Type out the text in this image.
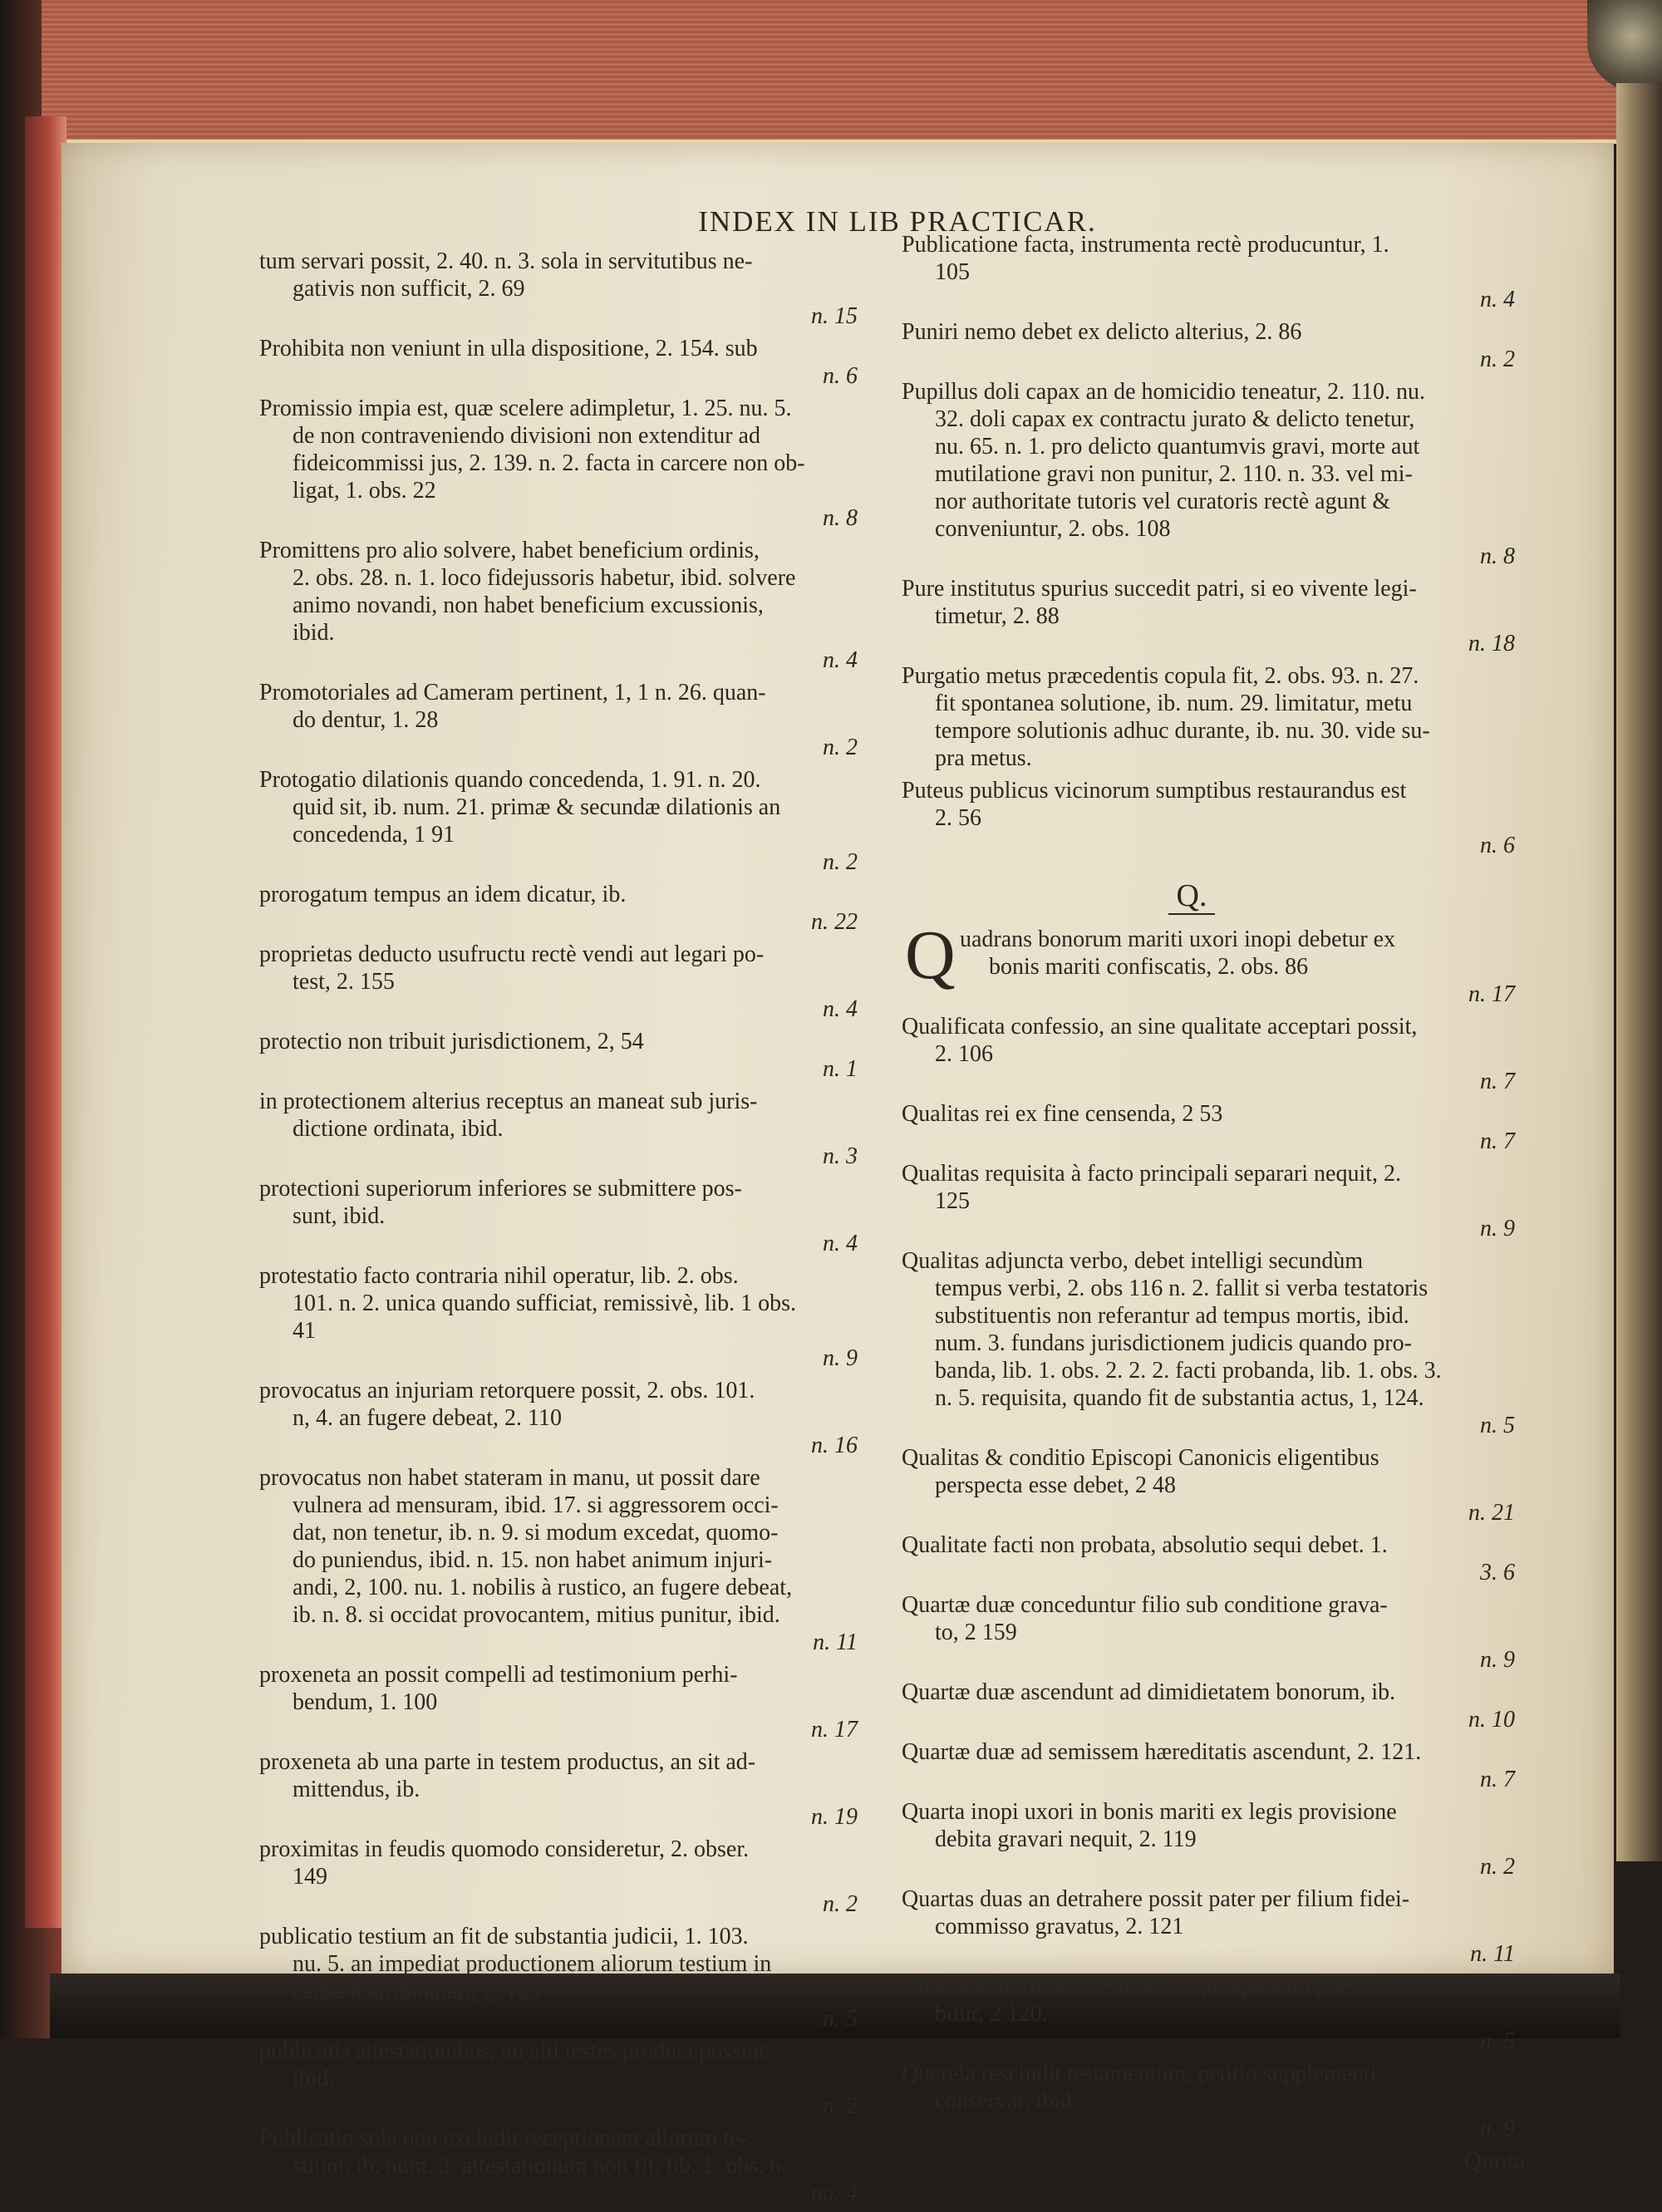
INDEX IN LIB PRACTICAR.
tum servari possit, 2. 40. n. 3. sola in servitutibus ne-
gativis non sufficit, 2. 69
n. 15
Prohibita non veniunt in ulla dispositione, 2. 154. sub
n. 6
Promissio impia est, quæ scelere adimpletur, 1. 25. nu. 5.
de non contraveniendo divisioni non extenditur ad
fideicommissi jus, 2. 139. n. 2. facta in carcere non ob-
ligat, 1. obs. 22
n. 8
Promittens pro alio solvere, habet beneficium ordinis,
2. obs. 28. n. 1. loco fidejussoris habetur, ibid. solvere
animo novandi, non habet beneficium excussionis,
ibid.
n. 4
Promotoriales ad Cameram pertinent, 1, 1 n. 26. quan-
do dentur, 1. 28
n. 2
Protogatio dilationis quando concedenda, 1. 91. n. 20.
quid sit, ib. num. 21. primæ & secundæ dilationis an
concedenda, 1 91
n. 2
prorogatum tempus an idem dicatur, ib.
n. 22
proprietas deducto usufructu rectè vendi aut legari po-
test, 2. 155
n. 4
protectio non tribuit jurisdictionem, 2, 54
n. 1
in protectionem alterius receptus an maneat sub juris-
dictione ordinata, ibid.
n. 3
protectioni superiorum inferiores se submittere pos-
sunt, ibid.
n. 4
protestatio facto contraria nihil operatur, lib. 2. obs.
101. n. 2. unica quando sufficiat, remissivè, lib. 1 obs.
41
n. 9
provocatus an injuriam retorquere possit, 2. obs. 101.
n, 4. an fugere debeat, 2. 110
n. 16
provocatus non habet stateram in manu, ut possit dare
vulnera ad mensuram, ibid. 17. si aggressorem occi-
dat, non tenetur, ib. n. 9. si modum excedat, quomo-
do puniendus, ibid. n. 15. non habet animum injuri-
andi, 2, 100. nu. 1. nobilis à rustico, an fugere debeat,
ib. n. 8. si occidat provocantem, mitius punitur, ibid.
n. 11
proxeneta an possit compelli ad testimonium perhi-
bendum, 1. 100
n. 17
proxeneta ab una parte in testem productus, an sit ad-
mittendus, ib.
n. 19
proximitas in feudis quomodo consideretur, 2. obser.
149
n. 2
publicatio testium an fit de substantia judicii, 1. 103.
nu. 5. an impediat productionem aliorum testium in
causa matrimoniali, 1, 105
n. 5
publicatis attestationibus, an alii testes produci possint
ibid.
n. 2
Publicatio sola non excludit receptionem aliorum te-
stium, ib. num. 3. attestationum non fit, lib. 1. obs. 6.
nu. 4
Publicatione facta, instrumenta rectè producuntur, 1.
105
n. 4
Puniri nemo debet ex delicto alterius, 2. 86
n. 2
Pupillus doli capax an de homicidio teneatur, 2. 110. nu.
32. doli capax ex contractu jurato & delicto tenetur,
nu. 65. n. 1. pro delicto quantumvis gravi, morte aut
mutilatione gravi non punitur, 2. 110. n. 33. vel mi-
nor authoritate tutoris vel curatoris rectè agunt &
conveniuntur, 2. obs. 108
n. 8
Pure institutus spurius succedit patri, si eo vivente legi-
timetur, 2. 88
n. 18
Purgatio metus præcedentis copula fit, 2. obs. 93. n. 27.
fit spontanea solutione, ib. num. 29. limitatur, metu
tempore solutionis adhuc durante, ib. nu. 30. vide su-
pra metus.
Puteus publicus vicinorum sumptibus restaurandus est
2. 56
n. 6
Q.
Q uadrans bonorum mariti uxori inopi debetur ex
bonis mariti confiscatis, 2. obs. 86
n. 17
Qualificata confessio, an sine qualitate acceptari possit,
2. 106
n. 7
Qualitas rei ex fine censenda, 2 53
n. 7
Qualitas requisita à facto principali separari nequit, 2.
125
n. 9
Qualitas adjuncta verbo, debet intelligi secundùm
tempus verbi, 2. obs 116 n. 2. fallit si verba testatoris
substituentis non referantur ad tempus mortis, ibid.
num. 3. fundans jurisdictionem judicis quando pro-
banda, lib. 1. obs. 2. 2. 2. facti probanda, lib. 1. obs. 3.
n. 5. requisita, quando fit de substantia actus, 1, 124.
n. 5
Qualitas & conditio Episcopi Canonicis eligentibus
perspecta esse debet, 2 48
n. 21
Qualitate facti non probata, absolutio sequi debet. 1.
3. 6
Quartæ duæ conceduntur filio sub conditione grava-
to, 2 159
n. 9
Quartæ duæ ascendunt ad dimidietatem bonorum, ib.
n. 10
Quartæ duæ ad semissem hæreditatis ascendunt, 2. 121.
n. 7
Quarta inopi uxori in bonis mariti ex legis provisione
debita gravari nequit, 2. 119
n. 2
Quartas duas an detrahere possit pater per filium fidei-
commisso gravatus, 2. 121
n. 11
Quærelæ inofficiosi testamenti quinquennio præscri-
bitur, 2 120.
n. 5
Querela rescindit testamentum, petitio supplementi
conservat, ibid.
n. 9
Quota
